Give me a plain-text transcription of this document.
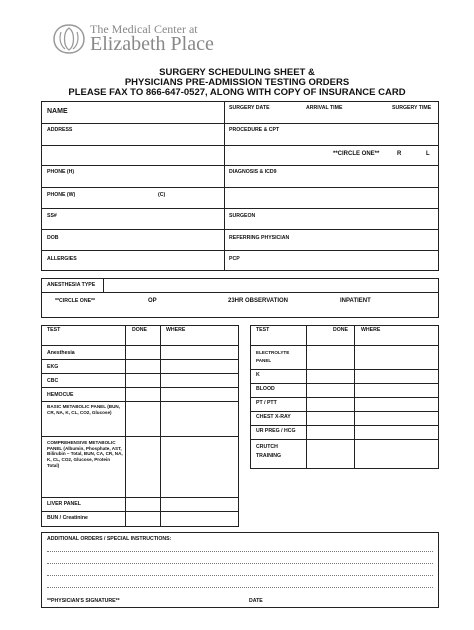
The Medical Center at
Elizabeth Place
SURGERY SCHEDULING SHEET &
PHYSICIANS PRE-ADMISSION TESTING ORDERS
PLEASE FAX TO 866-647-0527, ALONG WITH COPY OF INSURANCE CARD
NAME	SURGERY DATE	ARRIVAL TIME	SURGERY TIME
ADDRESS	PROCEDURE & CPT
**CIRCLE ONE**	R	L
PHONE (H)	DIAGNOSIS & ICD9
PHONE (W)	(C)
SS#	SURGEON
DOB	REFERRING PHYSICIAN
ALLERGIES	PCP
ANESTHESIA TYPE
**CIRCLE ONE**	OP	23HR OBSERVATION	INPATIENT
TEST	DONE	WHERE
Anesthesia
EKG
CBC
HEMOCUE
BASIC METABOLIC PANEL (BUN, CR, NA, K, CL, CO2, Glucose)
COMPREHENSIVE METABOLIC PANEL (Albumin, Phosphate, AST, Bilirubin – Total, BUN, CA, CR, NA, K, CL, CO2, Glucose, Protein Total)
LIVER PANEL
BUN / Creatinine
TEST	DONE	WHERE
ELECTROLYTE PANEL
K
BLOOD
PT / PTT
CHEST X-RAY
UR PREG / HCG
CRUTCH TRAINING
ADDITIONAL ORDERS / SPECIAL INSTRUCTIONS:
**PHYSICIAN'S SIGNATURE**	DATE
